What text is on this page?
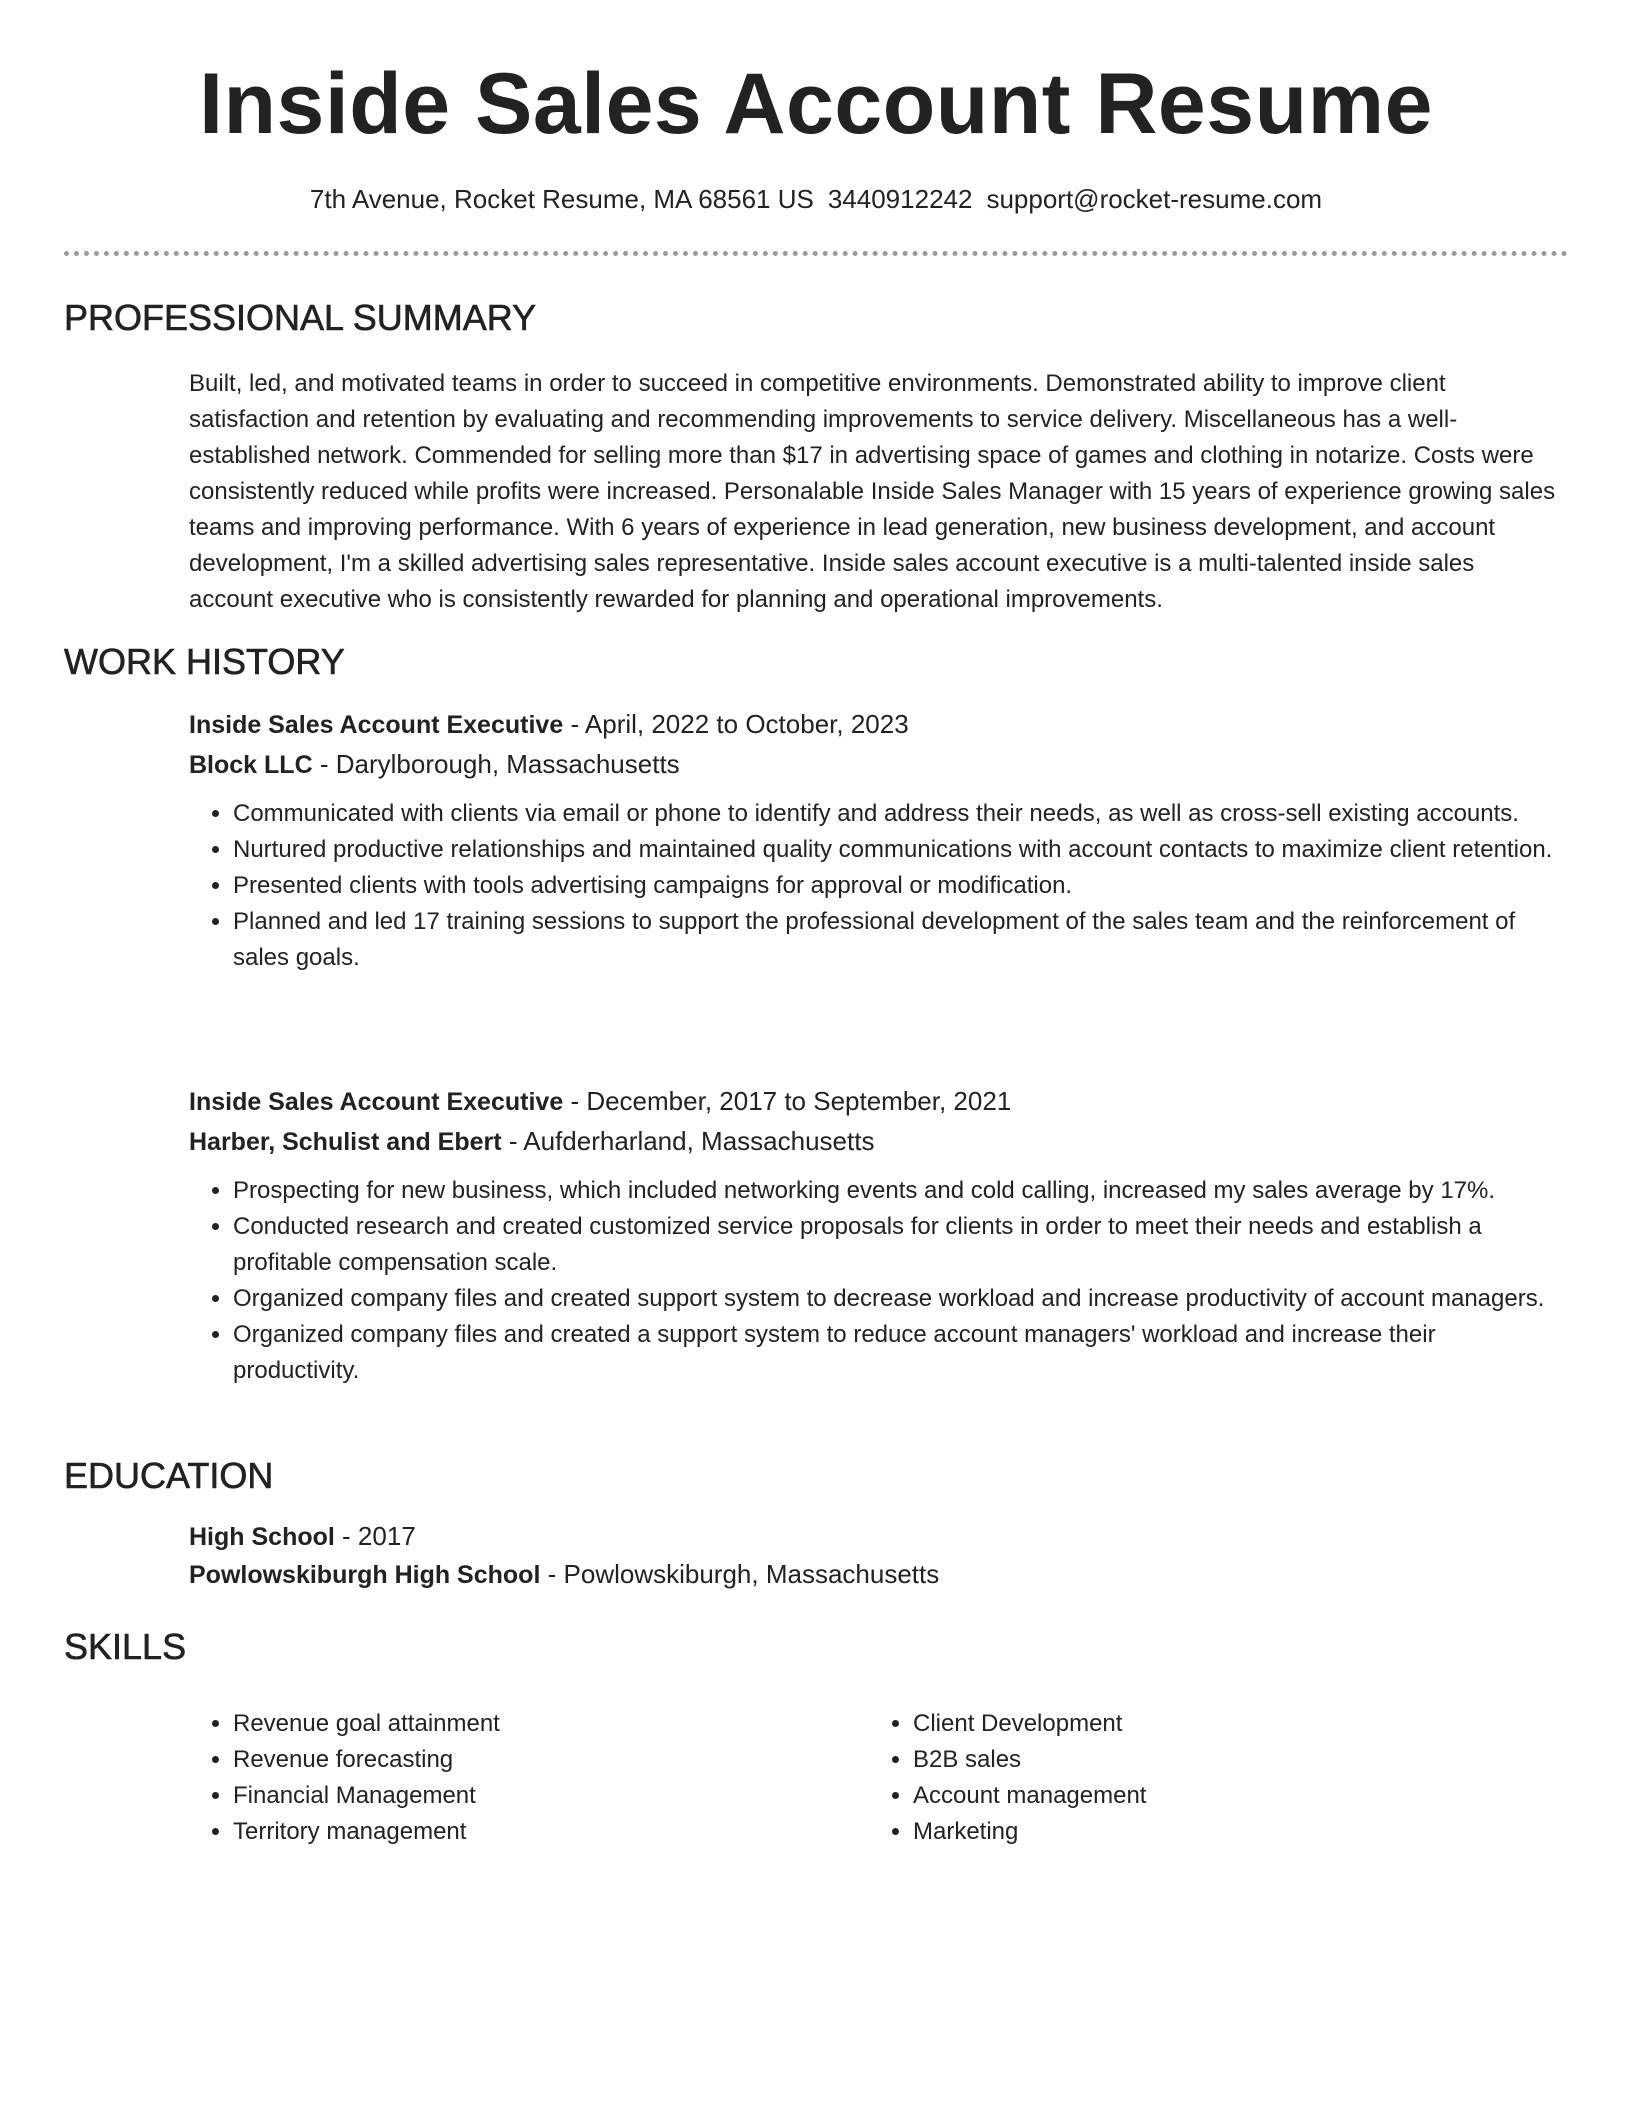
Inside Sales Account Resume
7th Avenue, Rocket Resume, MA 68561 US 3440912242 support@rocket-resume.com
PROFESSIONAL SUMMARY

Built, led, and motivated teams in order to succeed in competitive environments. Demonstrated ability to improve client satisfaction and retention by evaluating and recommending improvements to service delivery. Miscellaneous has a well-established network. Commended for selling more than $17 in advertising space of games and clothing in notarize. Costs were consistently reduced while profits were increased. Personalable Inside Sales Manager with 15 years of experience growing sales teams and improving performance. With 6 years of experience in lead generation, new business development, and account development, I'm a skilled advertising sales representative. Inside sales account executive is a multi-talented inside sales account executive who is consistently rewarded for planning and operational improvements.

WORK HISTORY
Inside Sales Account Executive - April, 2022 to October, 2023
Block LLC - Darylborough, Massachusetts
• Communicated with clients via email or phone to identify and address their needs, as well as cross-sell existing accounts.
• Nurtured productive relationships and maintained quality communications with account contacts to maximize client retention.
• Presented clients with tools advertising campaigns for approval or modification.
• Planned and led 17 training sessions to support the professional development of the sales team and the reinforcement of sales goals.
Inside Sales Account Executive - December, 2017 to September, 2021
Harber, Schulist and Ebert - Aufderharland, Massachusetts
• Prospecting for new business, which included networking events and cold calling, increased my sales average by 17%.
• Conducted research and created customized service proposals for clients in order to meet their needs and establish a profitable compensation scale.
• Organized company files and created support system to decrease workload and increase productivity of account managers.
• Organized company files and created a support system to reduce account managers' workload and increase their productivity.
EDUCATION
High School - 2017
Powlowskiburgh High School - Powlowskiburgh, Massachusetts
SKILLS
• Revenue goal attainment
• Revenue forecasting
• Financial Management
• Territory management
• Client Development
• B2B sales
• Account management
• Marketing
